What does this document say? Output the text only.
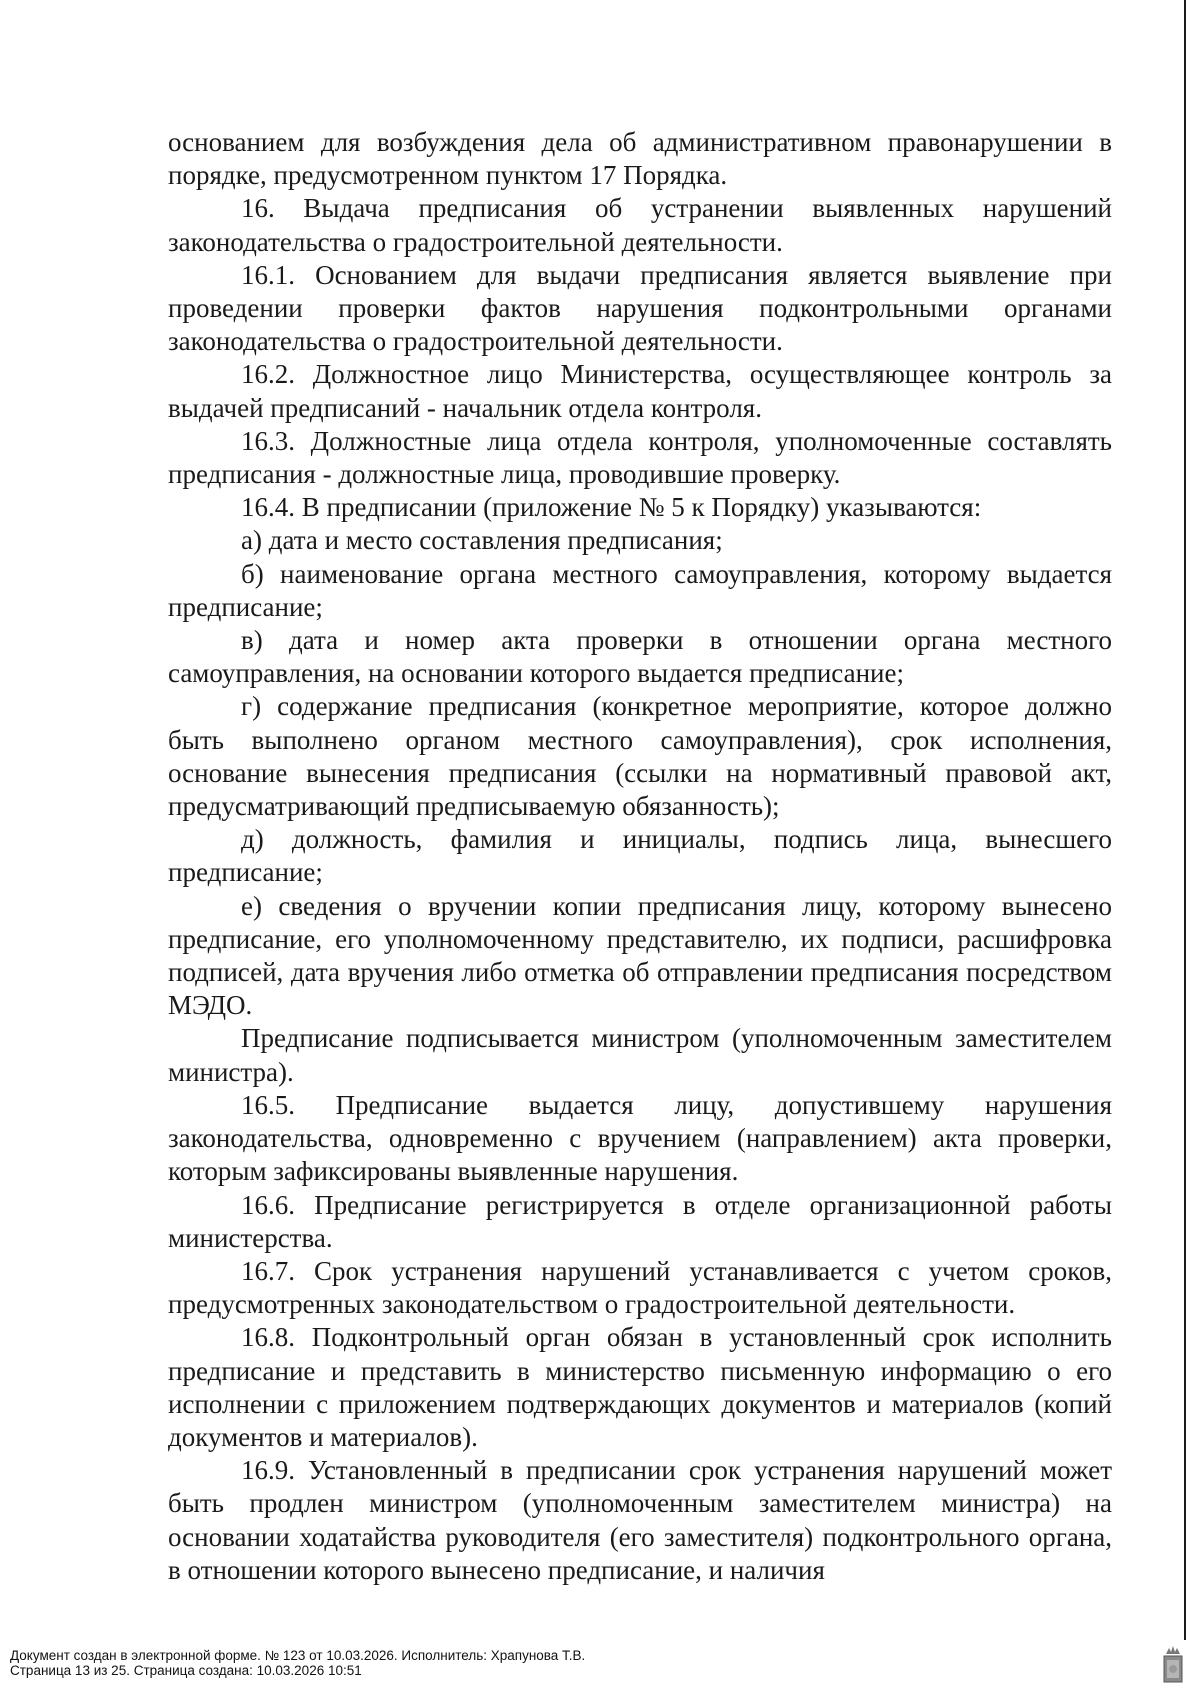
основанием для возбуждения дела об административном правонарушении в порядке, предусмотренном пунктом 17 Порядка.

16. Выдача предписания об устранении выявленных нарушений законодательства о градостроительной деятельности.

16.1. Основанием для выдачи предписания является выявление при проведении проверки фактов нарушения подконтрольными органами законодательства о градостроительной деятельности.

16.2. Должностное лицо Министерства, осуществляющее контроль за выдачей предписаний - начальник отдела контроля.

16.3. Должностные лица отдела контроля, уполномоченные составлять предписания - должностные лица, проводившие проверку.

16.4. В предписании (приложение № 5 к Порядку) указываются:

а) дата и место составления предписания;

б) наименование органа местного самоуправления, которому выдается предписание;

в) дата и номер акта проверки в отношении органа местного самоуправления, на основании которого выдается предписание;

г) содержание предписания (конкретное мероприятие, которое должно быть выполнено органом местного самоуправления), срок исполнения, основание вынесения предписания (ссылки на нормативный правовой акт, предусматривающий предписываемую обязанность);

д) должность, фамилия и инициалы, подпись лица, вынесшего предписание;

е) сведения о вручении копии предписания лицу, которому вынесено предписание, его уполномоченному представителю, их подписи, расшифровка подписей, дата вручения либо отметка об отправлении предписания посредством МЭДО.

Предписание подписывается министром (уполномоченным заместителем министра).

16.5. Предписание выдается лицу, допустившему нарушения законодательства, одновременно с вручением (направлением) акта проверки, которым зафиксированы выявленные нарушения.

16.6. Предписание регистрируется в отделе организационной работы министерства.

16.7. Срок устранения нарушений устанавливается с учетом сроков, предусмотренных законодательством о градостроительной деятельности.

16.8. Подконтрольный орган обязан в установленный срок исполнить предписание и представить в министерство письменную информацию о его исполнении с приложением подтверждающих документов и материалов (копий документов и материалов).

16.9. Установленный в предписании срок устранения нарушений может быть продлен министром (уполномоченным заместителем министра) на основании ходатайства руководителя (его заместителя) подконтрольного органа, в отношении которого вынесено предписание, и наличия

Документ создан в электронной форме. № 123 от 10.03.2026. Исполнитель: Храпунова Т.В.
Страница 13 из 25. Страница создана: 10.03.2026 10:51
